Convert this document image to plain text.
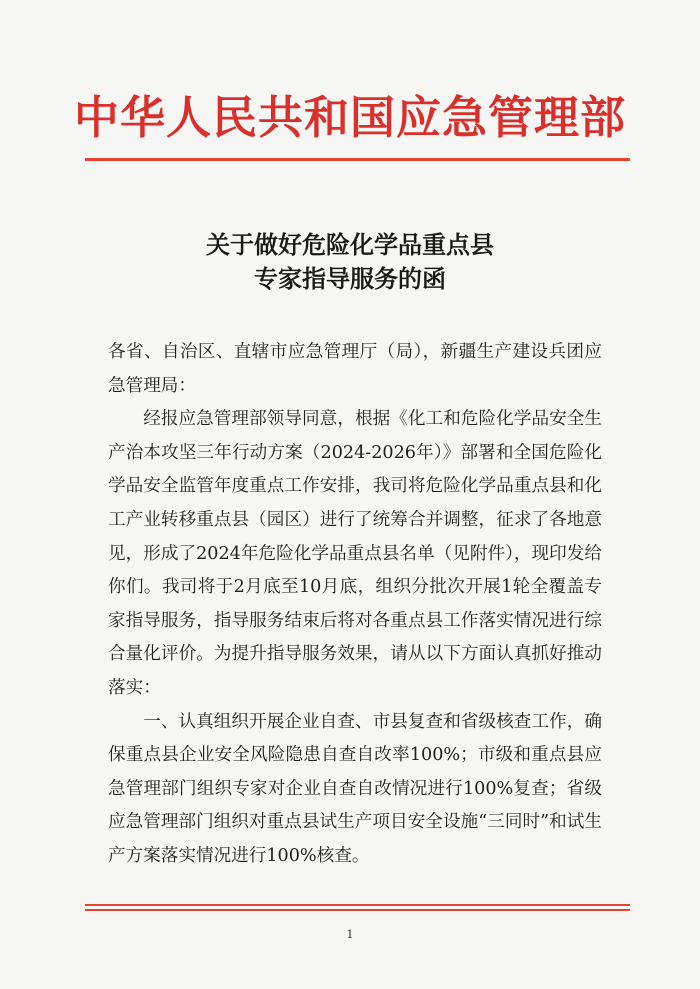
中华人民共和国应急管理部
关于做好危险化学品重点县
专家指导服务的函

各省、自治区、直辖市应急管理厅（局），新疆生产建设兵团应急管理局：

经报应急管理部领导同意，根据《化工和危险化学品安全生产治本攻坚三年行动方案（2024-2026年）》部署和全国危险化学品安全监管年度重点工作安排，我司将危险化学品重点县和化工产业转移重点县（园区）进行了统筹合并调整，征求了各地意见，形成了2024年危险化学品重点县名单（见附件），现印发给你们。我司将于2月底至10月底，组织分批次开展1轮全覆盖专家指导服务，指导服务结束后将对各重点县工作落实情况进行综合量化评价。为提升指导服务效果，请从以下方面认真抓好推动落实：

一、认真组织开展企业自查、市县复查和省级核查工作，确保重点县企业安全风险隐患自查自改率100%；市级和重点县应急管理部门组织专家对企业自查自改情况进行100%复查；省级应急管理部门组织对重点县试生产项目安全设施“三同时”和试生产方案落实情况进行100%核查。

1
